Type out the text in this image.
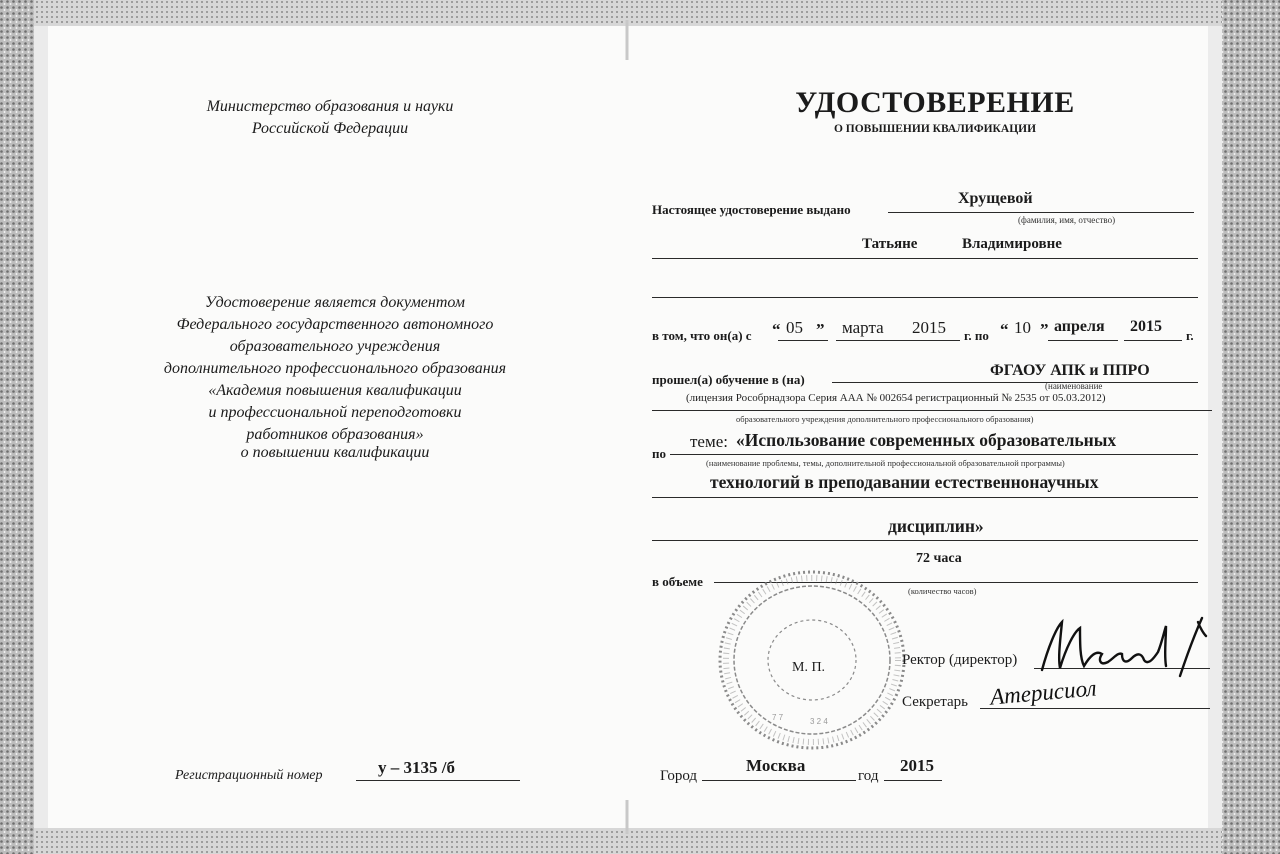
Министерство образования и науки
Российской Федерации
Удостоверение является документом
Федерального государственного автономного
образовательного учреждения
дополнительного профессионального образования
«Академия повышения квалификации
и профессиональной переподготовки
работников образования»
о повышении квалификации
Регистрационный номер	у – 3135 /б
УДОСТОВЕРЕНИЕ
О ПОВЫШЕНИИ КВАЛИФИКАЦИИ
Настоящее удостоверение выдано
Хрущевой
(фамилия, имя, отчество)
Татьяне	Владимировне
в том, что он(а) с “ 05 ” марта 2015 г. по “ 10 ” апреля 2015
г.
прошел(а) обучение в (на)
ФГАОУ АПК и ППРО
(наименование
(лицензия Рособрнадзора Серия ААА № 002654 регистрационный № 2535 от 05.03.2012)
образовательного учреждения дополнительного профессионального образования)
по
теме: «Использование современных образовательных
(наименование проблемы, темы, дополнительной профессиональной образовательной программы)
технологий в преподавании естественнонаучных
дисциплин»
72 часа
в объеме
(количество часов)
7 7	3 2 4
М. П.	Ректор (директор)
Секретарь Атерисиол
Город
Москва
год
2015
